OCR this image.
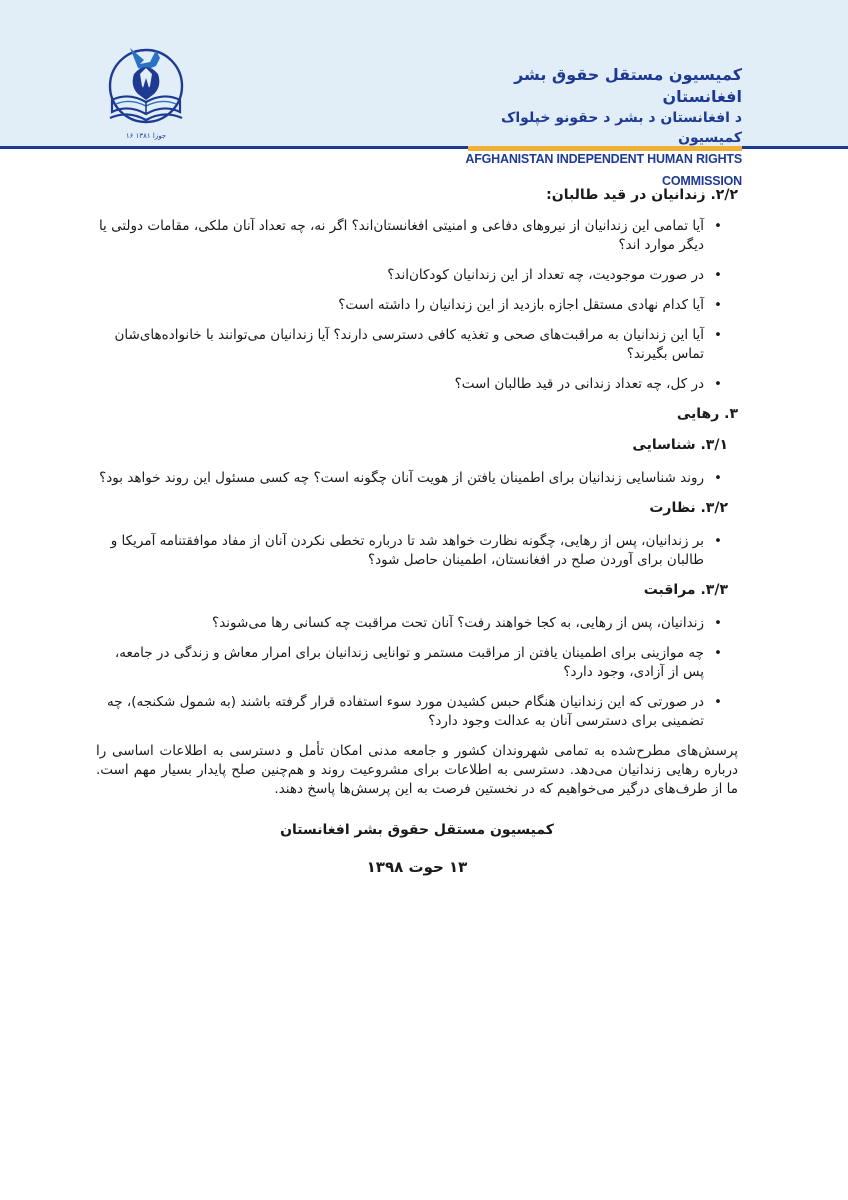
۱۶ جوزا ۱۳۸۱
کمیسیون مستقل حقوق بشر افغانستان
د افغانستان د بشر د حقونو خپلواک کمیسیون
AFGHANISTAN INDEPENDENT HUMAN RIGHTS COMMISSION
۲/۲. زندانیان در قید طالبان:
• آیا تمامی این زندانیان از نیروهای دفاعی و امنیتی افغانستان‌اند؟ اگر نه، چه تعداد آنان ملکی، مقامات دولتی یا دیگر موارد اند؟
• در صورت موجودیت، چه تعداد از این زندانیان کودکان‌اند؟
• آیا کدام نهادی مستقل اجازه بازدید از این زندانیان را داشته است؟
• آیا این زندانیان به مراقبت‌های صحی و تغذیه کافی دسترسی دارند؟ آیا زندانیان می‌توانند با خانواده‌های‌شان تماس بگیرند؟
• در کل، چه تعداد زندانی در قید طالبان است؟
۳. رهایی
۳/۱. شناسایی
• روند شناسایی زندانیان برای اطمینان یافتن از هویت آنان چگونه است؟ چه کسی مسئول این روند خواهد بود؟
۳/۲. نظارت
• بر زندانیان، پس از رهایی، چگونه نظارت خواهد شد تا درباره تخطی نکردن آنان از مفاد موافقتنامه آمریکا و طالبان برای آوردن صلح در افغانستان، اطمینان حاصل شود؟
۳/۳. مراقبت
• زندانیان، پس از رهایی، به کجا خواهند رفت؟ آنان تحت مراقبت چه کسانی رها می‌شوند؟
• چه موازینی برای اطمینان یافتن از مراقبت مستمر و توانایی زندانیان برای امرار معاش و زندگی در جامعه، پس از آزادی، وجود دارد؟
• در صورتی که این زندانیان هنگام حبس کشیدن مورد سوء استفاده قرار گرفته باشند (به شمول شکنجه)، چه تضمینی برای دسترسی آنان به عدالت وجود دارد؟

پرسش‌های مطرح‌شده به تمامی شهروندان کشور و جامعه مدنی امکان تأمل و دسترسی به اطلاعات اساسی را درباره رهایی زندانیان می‌دهد. دسترسی به اطلاعات برای مشروعیت روند و هم‌چنین صلح پایدار بسیار مهم است. ما از طرف‌های درگیر می‌خواهیم که در نخستین فرصت به این پرسش‌ها پاسخ دهند.

کمیسیون مستقل حقوق بشر افغانستان
۱۳ حوت ۱۳۹۸
